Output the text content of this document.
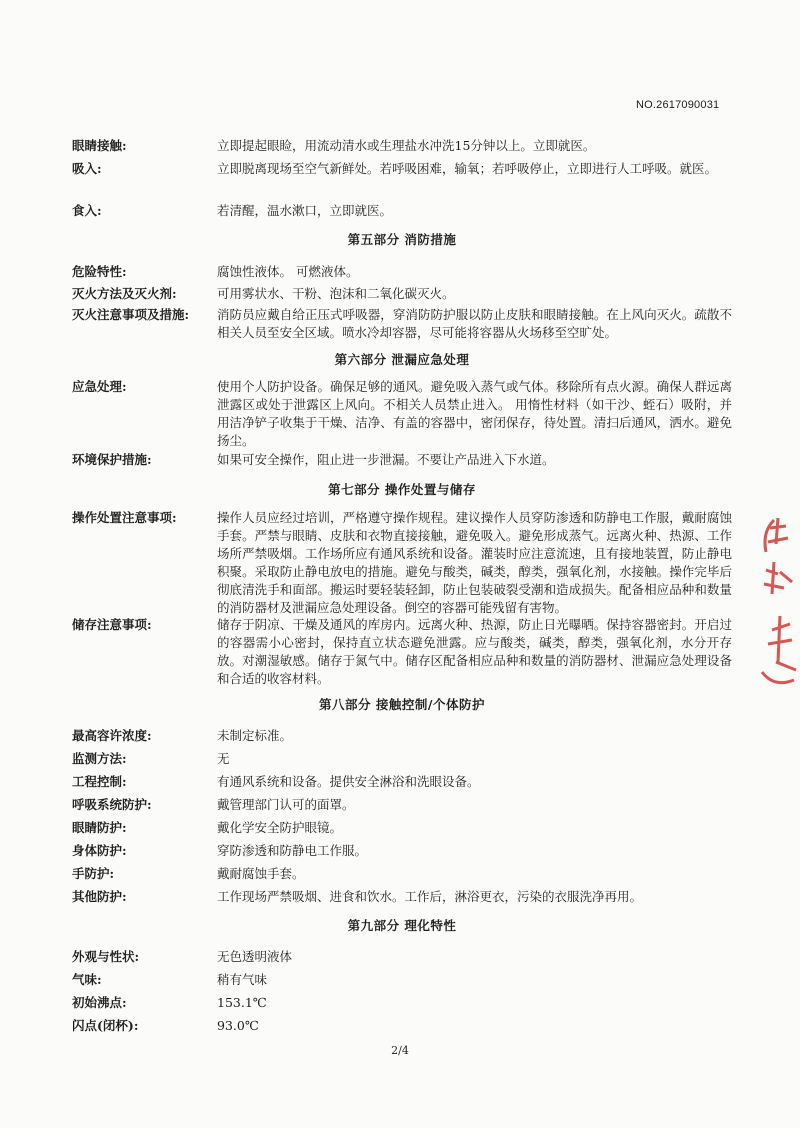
NO.2617090031
眼睛接触:	立即提起眼睑，用流动清水或生理盐水冲洗15分钟以上。立即就医。
吸入:	立即脱离现场至空气新鲜处。若呼吸困难，输氧；若呼吸停止，立即进行人工呼吸。就医。
食入:	若清醒，温水漱口，立即就医。
第五部分 消防措施
危险特性:	腐蚀性液体。 可燃液体。
灭火方法及灭火剂:	可用雾状水、干粉、泡沫和二氧化碳灭火。
灭火注意事项及措施:	消防员应戴自给正压式呼吸器，穿消防防护服以防止皮肤和眼睛接触。在上风向灭火。疏散不相关人员至安全区域。喷水冷却容器，尽可能将容器从火场移至空旷处。
第六部分 泄漏应急处理
应急处理:	使用个人防护设备。确保足够的通风。避免吸入蒸气或气体。移除所有点火源。确保人群远离泄露区或处于泄露区上风向。不相关人员禁止进入。 用惰性材料（如干沙、蛭石）吸附，并用洁净铲子收集于干燥、洁净、有盖的容器中，密闭保存，待处置。清扫后通风，洒水。避免扬尘。
环境保护措施:	如果可安全操作，阻止进一步泄漏。不要让产品进入下水道。
第七部分 操作处置与储存
操作处置注意事项:	操作人员应经过培训，严格遵守操作规程。建议操作人员穿防渗透和防静电工作服，戴耐腐蚀手套。严禁与眼睛、皮肤和衣物直接接触，避免吸入。避免形成蒸气。远离火种、热源、工作场所严禁吸烟。工作场所应有通风系统和设备。灌装时应注意流速，且有接地装置，防止静电积聚。采取防止静电放电的措施。避免与酸类，碱类，醇类，强氧化剂，水接触。操作完毕后彻底清洗手和面部。搬运时要轻装轻卸，防止包装破裂受潮和造成损失。配备相应品种和数量的消防器材及泄漏应急处理设备。倒空的容器可能残留有害物。
储存注意事项:	储存于阴凉、干燥及通风的库房内。远离火种、热源，防止日光曝晒。保持容器密封。开启过的容器需小心密封，保持直立状态避免泄露。应与酸类，碱类，醇类，强氧化剂，水分开存放。对潮湿敏感。储存于氮气中。储存区配备相应品种和数量的消防器材、泄漏应急处理设备和合适的收容材料。
第八部分 接触控制/个体防护
最高容许浓度:	未制定标准。
监测方法:	无
工程控制:	有通风系统和设备。提供安全淋浴和洗眼设备。
呼吸系统防护:	戴管理部门认可的面罩。
眼睛防护:	戴化学安全防护眼镜。
身体防护:	穿防渗透和防静电工作服。
手防护:	戴耐腐蚀手套。
其他防护:	工作现场严禁吸烟、进食和饮水。工作后，淋浴更衣，污染的衣服洗净再用。
第九部分 理化特性
外观与性状:	无色透明液体
气味:	稍有气味
初始沸点:	153.1℃
闪点(闭杯):	93.0℃
2/4
